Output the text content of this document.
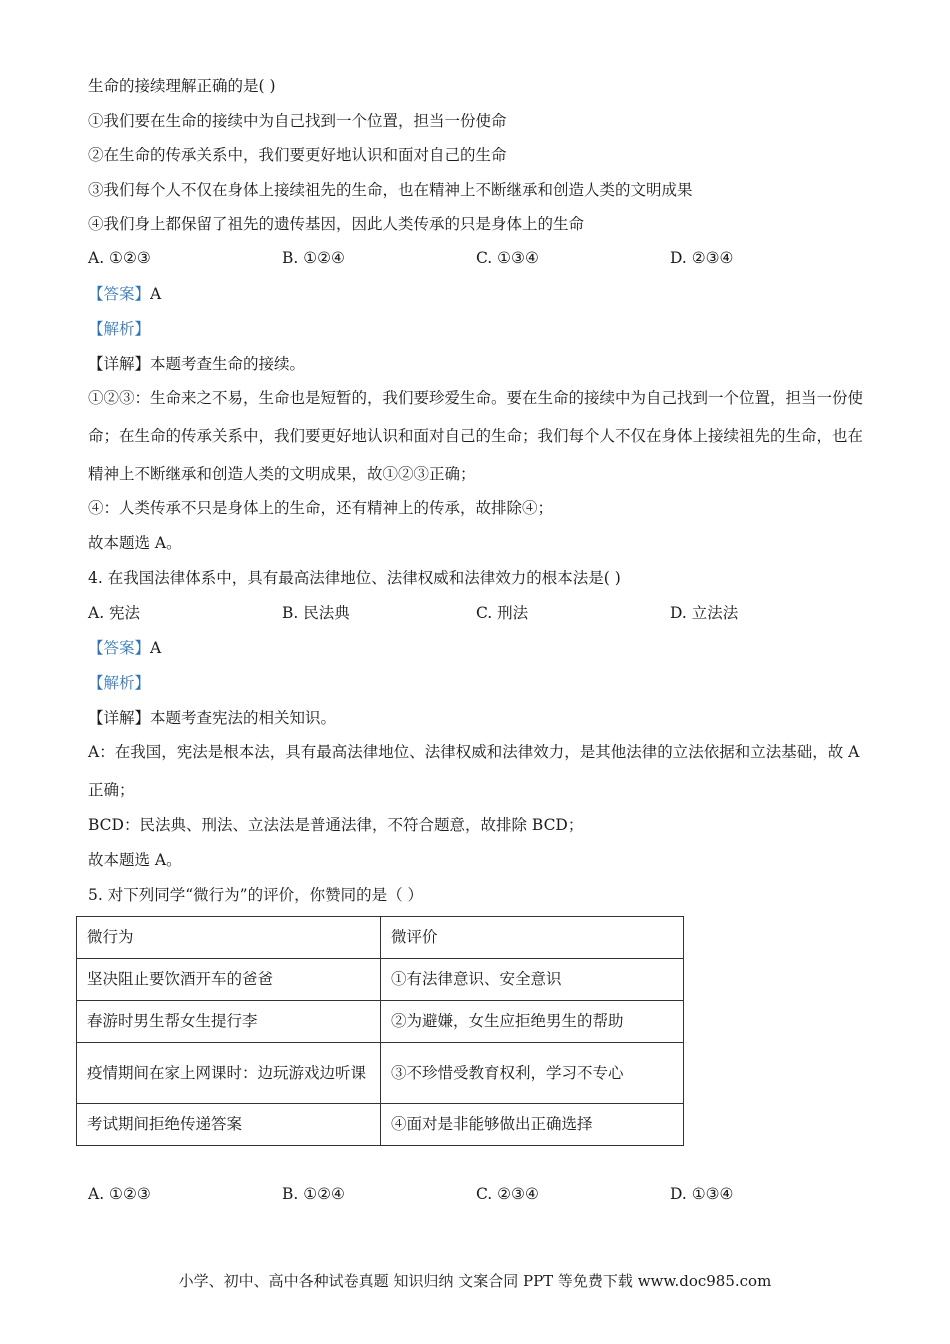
生命的接续理解正确的是( )
①我们要在生命的接续中为自己找到一个位置，担当一份使命
②在生命的传承关系中，我们要更好地认识和面对自己的生命
③我们每个人不仅在身体上接续祖先的生命，也在精神上不断继承和创造人类的文明成果
④我们身上都保留了祖先的遗传基因，因此人类传承的只是身体上的生命
A. ①②③	B. ①②④	C. ①③④	D. ②③④
【答案】A
【解析】
【详解】本题考查生命的接续。
①②③：生命来之不易，生命也是短暂的，我们要珍爱生命。要在生命的接续中为自己找到一个位置，担当一份使命；在生命的传承关系中，我们要更好地认识和面对自己的生命；我们每个人不仅在身体上接续祖先的生命，也在精神上不断继承和创造人类的文明成果，故①②③正确；
④：人类传承不只是身体上的生命，还有精神上的传承，故排除④；
故本题选 A。
4. 在我国法律体系中，具有最高法律地位、法律权威和法律效力的根本法是( )
A. 宪法	B. 民法典	C. 刑法	D. 立法法
【答案】A
【解析】
【详解】本题考查宪法的相关知识。
A：在我国，宪法是根本法，具有最高法律地位、法律权威和法律效力，是其他法律的立法依据和立法基础，故 A 正确；
BCD：民法典、刑法、立法法是普通法律，不符合题意，故排除 BCD；
故本题选 A。
5. 对下列同学“微行为”的评价，你赞同的是（ ）
微行为	微评价
坚决阻止要饮酒开车的爸爸	①有法律意识、安全意识
春游时男生帮女生提行李	②为避嫌，女生应拒绝男生的帮助
疫情期间在家上网课时：边玩游戏边听课	③不珍惜受教育权利，学习不专心
考试期间拒绝传递答案	④面对是非能够做出正确选择
A. ①②③	B. ①②④	C. ②③④	D. ①③④
小学、初中、高中各种试卷真题 知识归纳 文案合同 PPT 等免费下载 www.doc985.com
